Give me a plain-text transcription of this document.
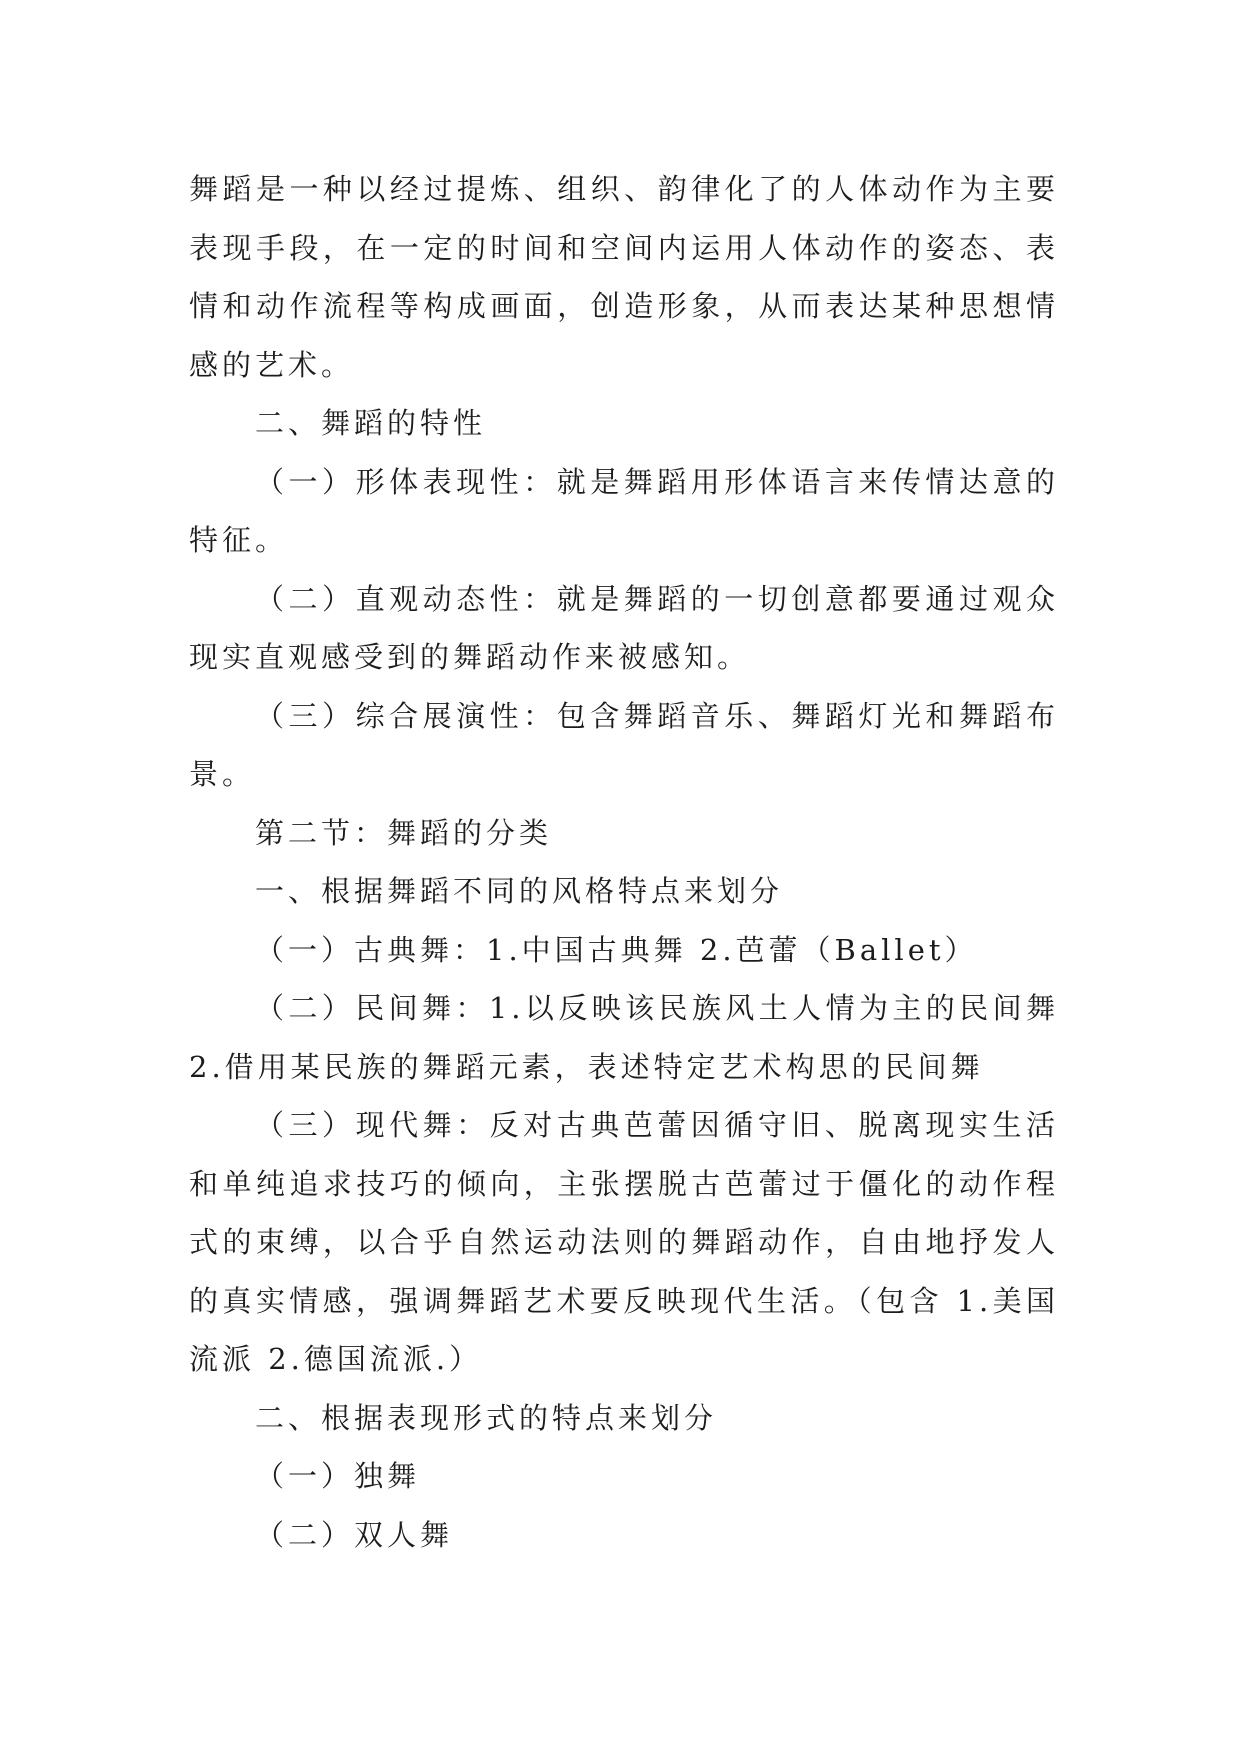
舞蹈是一种以经过提炼、组织、韵律化了的人体动作为主要表现手段，在一定的时间和空间内运用人体动作的姿态、表情和动作流程等构成画面，创造形象，从而表达某种思想情感的艺术。

二、舞蹈的特性

（一）形体表现性：就是舞蹈用形体语言来传情达意的特征。

（二）直观动态性：就是舞蹈的一切创意都要通过观众现实直观感受到的舞蹈动作来被感知。

（三）综合展演性：包含舞蹈音乐、舞蹈灯光和舞蹈布景。

第二节：舞蹈的分类

一、根据舞蹈不同的风格特点来划分

（一）古典舞：1.中国古典舞 2.芭蕾（Ballet）

（二）民间舞：1.以反映该民族风土人情为主的民间舞2.借用某民族的舞蹈元素，表述特定艺术构思的民间舞

（三）现代舞：反对古典芭蕾因循守旧、脱离现实生活和单纯追求技巧的倾向，主张摆脱古芭蕾过于僵化的动作程式的束缚，以合乎自然运动法则的舞蹈动作，自由地抒发人的真实情感，强调舞蹈艺术要反映现代生活。（包含 1.美国流派 2.德国流派.）

二、根据表现形式的特点来划分

（一）独舞

（二）双人舞
